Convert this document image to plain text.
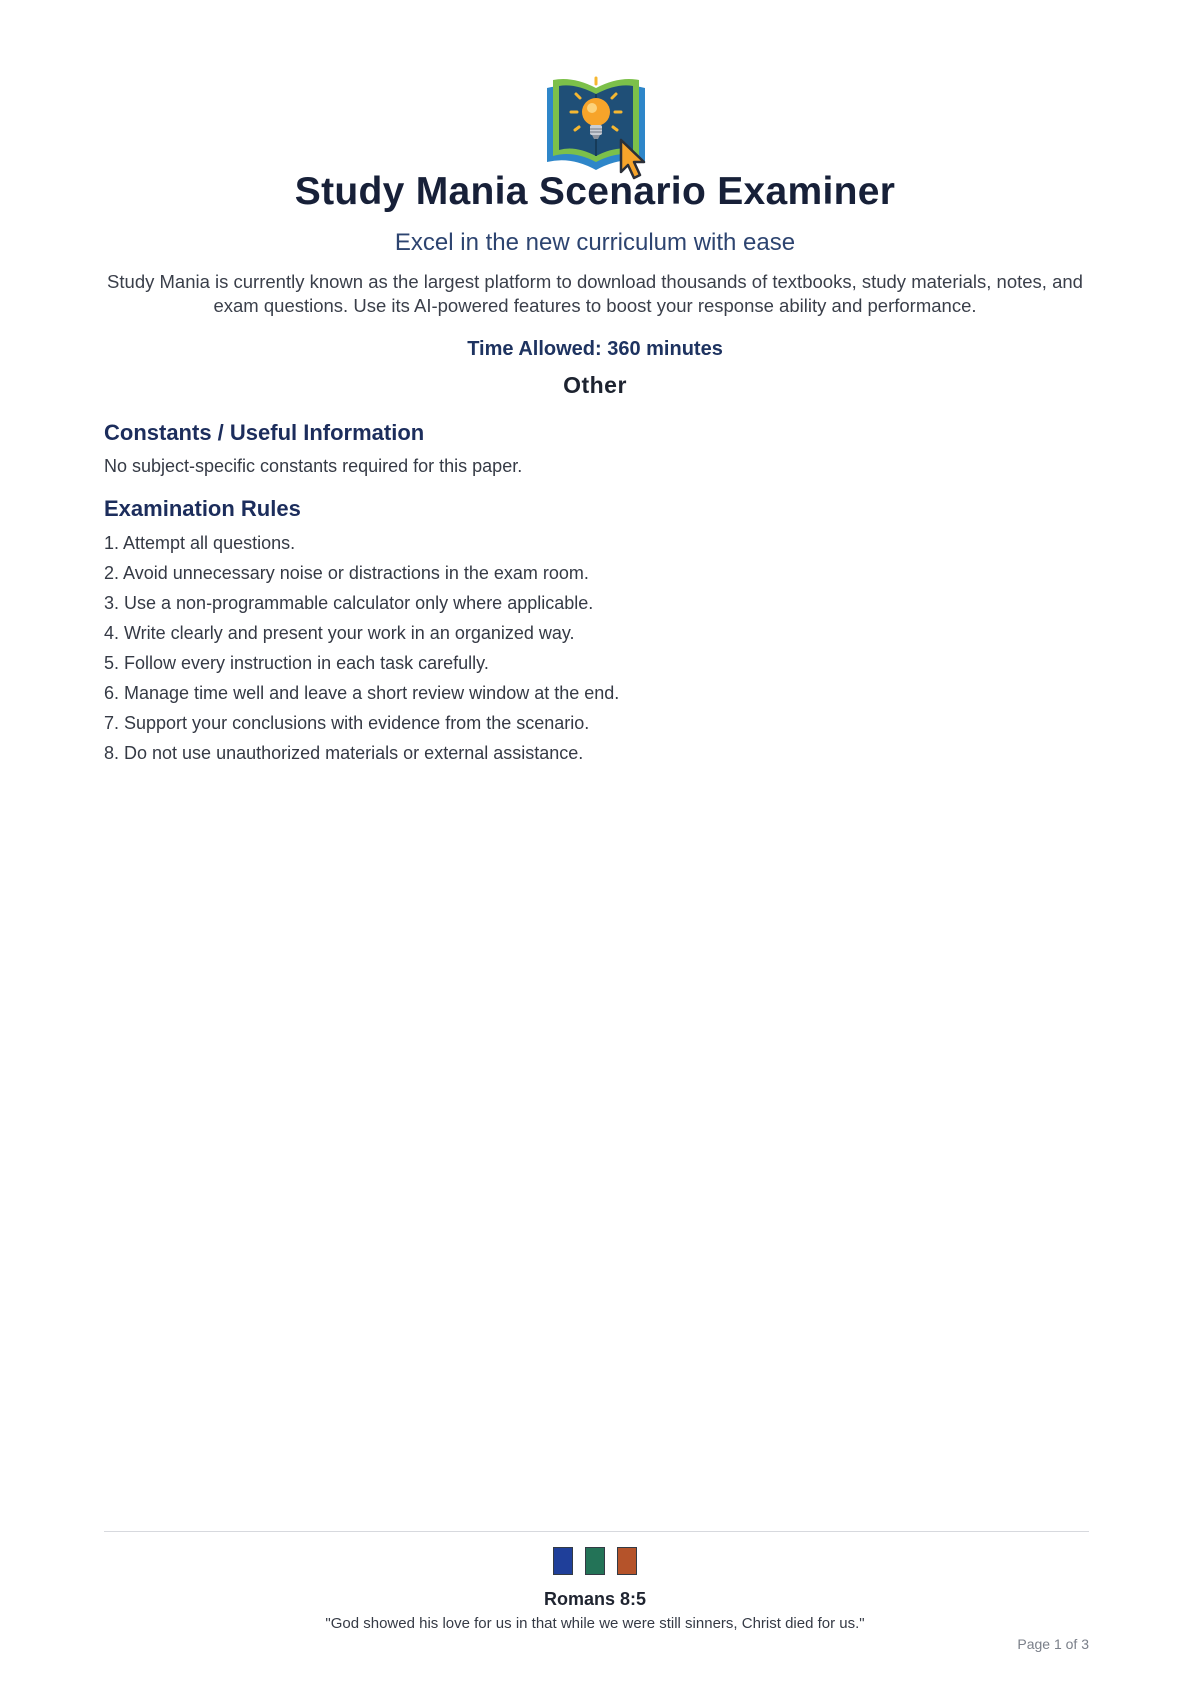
Study Mania Scenario Examiner

Excel in the new curriculum with ease

Study Mania is currently known as the largest platform to download thousands of textbooks, study materials, notes, and exam questions. Use its AI-powered features to boost your response ability and performance.

Time Allowed: 360 minutes

Other

Constants / Useful Information

No subject-specific constants required for this paper.

Examination Rules
1. Attempt all questions.
2. Avoid unnecessary noise or distractions in the exam room.
3. Use a non-programmable calculator only where applicable.
4. Write clearly and present your work in an organized way.
5. Follow every instruction in each task carefully.
6. Manage time well and leave a short review window at the end.
7. Support your conclusions with evidence from the scenario.
8. Do not use unauthorized materials or external assistance.

Romans 8:5

"God showed his love for us in that while we were still sinners, Christ died for us."

Page 1 of 3
